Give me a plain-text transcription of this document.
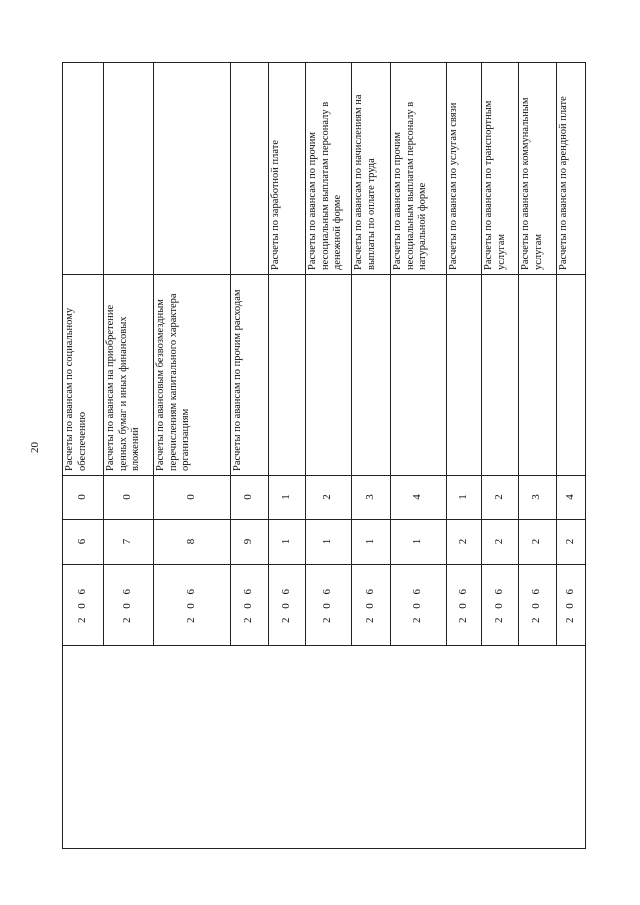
20
2 0 6
6
0
Расчеты по авансам по социальному обеспечению
2 0 6
7
0
Расчеты по авансам на приобретение ценных бумаг и иных финансовых вложений
2 0 6
8
0
Расчеты по авансовым безвозмездным перечислениям капитального характера организациям
2 0 6
9
0
Расчеты по авансам по прочим расходам
2 0 6
1
1
Расчеты по заработной плате
2 0 6
1
2
Расчеты по авансам по прочим несоциальным выплатам персоналу в денежной форме
2 0 6
1
3
Расчеты по авансам по начислениям на выплаты по оплате труда
2 0 6
1
4
Расчеты по авансам по прочим несоциальным выплатам персоналу в натуральной форме
2 0 6
2
1
Расчеты по авансам по услугам связи
2 0 6
2
2
Расчеты по авансам по транспортным услугам
2 0 6
2
3
Расчеты по авансам по коммунальным услугам
2 0 6
2
4
Расчеты по авансам по арендной плате
